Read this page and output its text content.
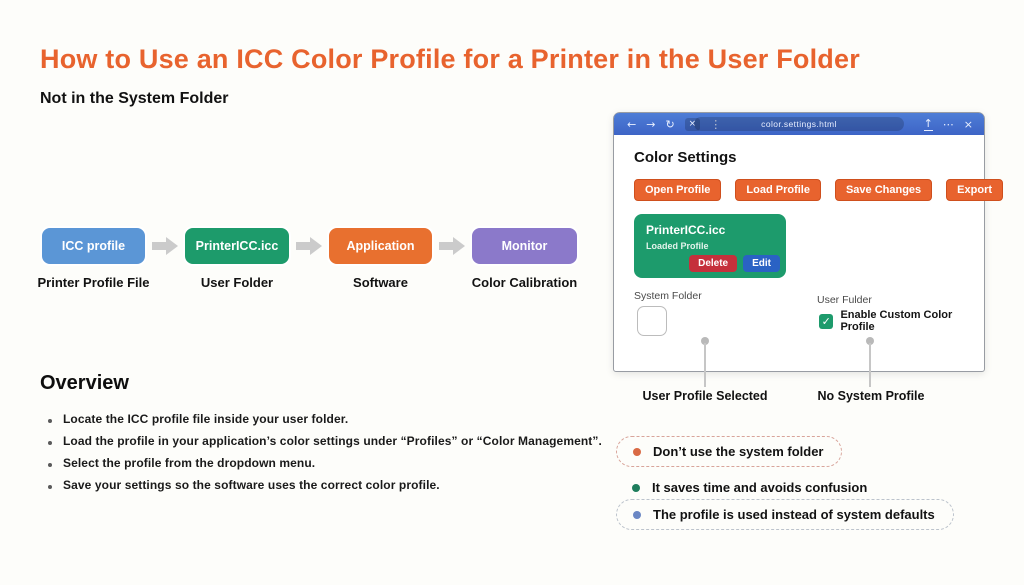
How to Use an ICC Color Profile for a Printer in the User Folder
Not in the System Folder
ICC profile
Printer Profile File
PrinterICC.icc
User Folder
Application
Software
Monitor
Color Calibration
← → ↻	×	⋮	color.settings.html	↑ ⋯ ×
Color Settings
Open Profile	Load Profile	Save Changes	Export
PrinterICC.icc
Loaded Profile
Delete	Edit
System Folder	User Fulder
✓ Enable Custom Color Profile
User Profile Selected	No System Profile
Overview
Locate the ICC profile file inside your user folder.
Load the profile in your application’s color settings under “Profiles” or “Color Management”.
Select the profile from the dropdown menu.
Save your settings so the software uses the correct color profile.
Don’t use the system folder
It saves time and avoids confusion
The profile is used instead of system defaults
